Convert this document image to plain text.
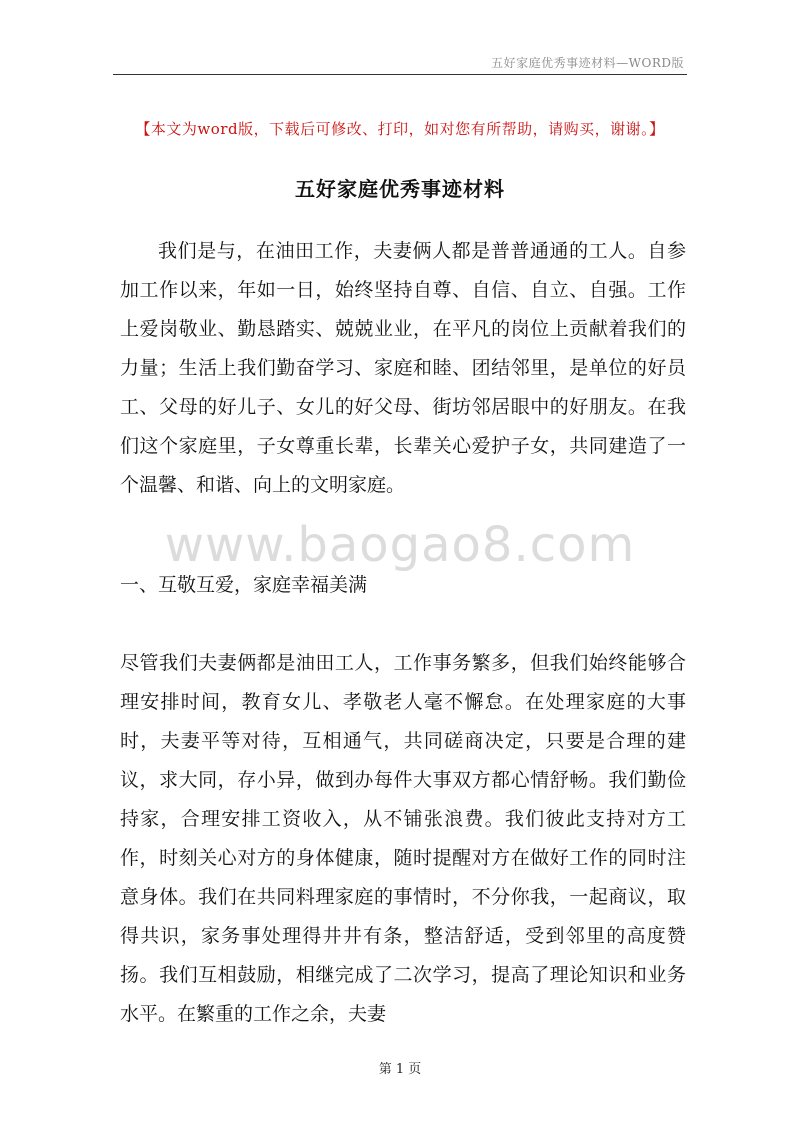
五好家庭优秀事迹材料—WORD版
【本文为word版，下载后可修改、打印，如对您有所帮助，请购买，谢谢。】
五好家庭优秀事迹材料
我们是与，在油田工作，夫妻俩人都是普普通通的工人。自参加工作以来，年如一日，始终坚持自尊、自信、自立、自强。工作上爱岗敬业、勤恳踏实、兢兢业业，在平凡的岗位上贡献着我们的力量；生活上我们勤奋学习、家庭和睦、团结邻里，是单位的好员工、父母的好儿子、女儿的好父母、街坊邻居眼中的好朋友。在我们这个家庭里，子女尊重长辈，长辈关心爱护子女，共同建造了一个温馨、和谐、向上的文明家庭。
www.baogao8.com
一、互敬互爱，家庭幸福美满
尽管我们夫妻俩都是油田工人，工作事务繁多，但我们始终能够合理安排时间，教育女儿、孝敬老人毫不懈怠。在处理家庭的大事时，夫妻平等对待，互相通气，共同磋商决定，只要是合理的建议，求大同，存小异，做到办每件大事双方都心情舒畅。我们勤俭持家，合理安排工资收入，从不铺张浪费。我们彼此支持对方工作，时刻关心对方的身体健康，随时提醒对方在做好工作的同时注意身体。我们在共同料理家庭的事情时，不分你我，一起商议，取得共识，家务事处理得井井有条，整洁舒适，受到邻里的高度赞扬。我们互相鼓励，相继完成了二次学习，提高了理论知识和业务水平。在繁重的工作之余，夫妻
第 1 页
